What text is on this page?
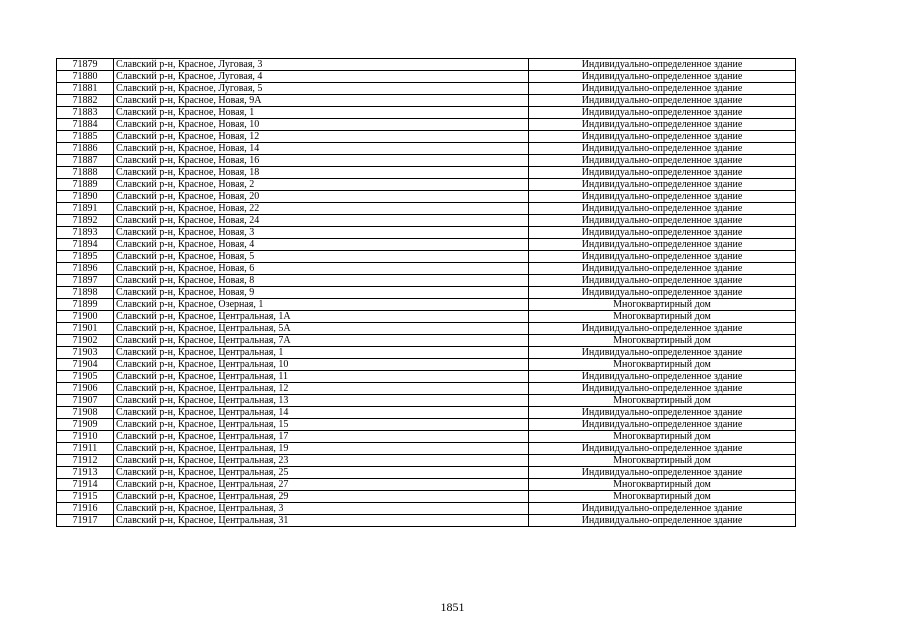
71879	Славский р-н, Красное, Луговая, 3	Индивидуально-определенное здание
71880	Славский р-н, Красное, Луговая, 4	Индивидуально-определенное здание
71881	Славский р-н, Красное, Луговая, 5	Индивидуально-определенное здание
71882	Славский р-н, Красное, Новая, 9А	Индивидуально-определенное здание
71883	Славский р-н, Красное, Новая, 1	Индивидуально-определенное здание
71884	Славский р-н, Красное, Новая, 10	Индивидуально-определенное здание
71885	Славский р-н, Красное, Новая, 12	Индивидуально-определенное здание
71886	Славский р-н, Красное, Новая, 14	Индивидуально-определенное здание
71887	Славский р-н, Красное, Новая, 16	Индивидуально-определенное здание
71888	Славский р-н, Красное, Новая, 18	Индивидуально-определенное здание
71889	Славский р-н, Красное, Новая, 2	Индивидуально-определенное здание
71890	Славский р-н, Красное, Новая, 20	Индивидуально-определенное здание
71891	Славский р-н, Красное, Новая, 22	Индивидуально-определенное здание
71892	Славский р-н, Красное, Новая, 24	Индивидуально-определенное здание
71893	Славский р-н, Красное, Новая, 3	Индивидуально-определенное здание
71894	Славский р-н, Красное, Новая, 4	Индивидуально-определенное здание
71895	Славский р-н, Красное, Новая, 5	Индивидуально-определенное здание
71896	Славский р-н, Красное, Новая, 6	Индивидуально-определенное здание
71897	Славский р-н, Красное, Новая, 8	Индивидуально-определенное здание
71898	Славский р-н, Красное, Новая, 9	Индивидуально-определенное здание
71899	Славский р-н, Красное, Озерная, 1	Многоквартирный дом
71900	Славский р-н, Красное, Центральная, 1А	Многоквартирный дом
71901	Славский р-н, Красное, Центральная, 5А	Индивидуально-определенное здание
71902	Славский р-н, Красное, Центральная, 7А	Многоквартирный дом
71903	Славский р-н, Красное, Центральная, 1	Индивидуально-определенное здание
71904	Славский р-н, Красное, Центральная, 10	Многоквартирный дом
71905	Славский р-н, Красное, Центральная, 11	Индивидуально-определенное здание
71906	Славский р-н, Красное, Центральная, 12	Индивидуально-определенное здание
71907	Славский р-н, Красное, Центральная, 13	Многоквартирный дом
71908	Славский р-н, Красное, Центральная, 14	Индивидуально-определенное здание
71909	Славский р-н, Красное, Центральная, 15	Индивидуально-определенное здание
71910	Славский р-н, Красное, Центральная, 17	Многоквартирный дом
71911	Славский р-н, Красное, Центральная, 19	Индивидуально-определенное здание
71912	Славский р-н, Красное, Центральная, 23	Многоквартирный дом
71913	Славский р-н, Красное, Центральная, 25	Индивидуально-определенное здание
71914	Славский р-н, Красное, Центральная, 27	Многоквартирный дом
71915	Славский р-н, Красное, Центральная, 29	Многоквартирный дом
71916	Славский р-н, Красное, Центральная, 3	Индивидуально-определенное здание
71917	Славский р-н, Красное, Центральная, 31	Индивидуально-определенное здание
1851
